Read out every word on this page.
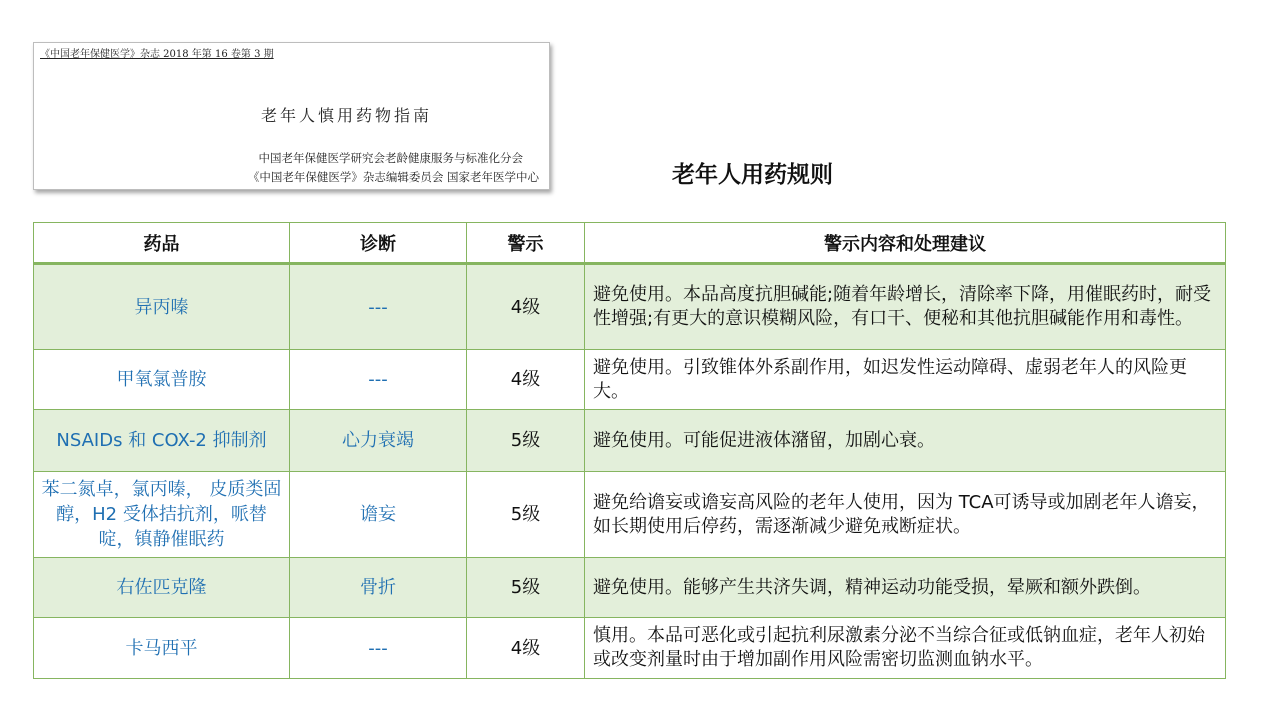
《中国老年保健医学》杂志 2018 年第 16 卷第 3 期
老年人慎用药物指南
中国老年保健医学研究会老龄健康服务与标准化分会
《中国老年保健医学》杂志编辑委员会 国家老年医学中心	老年人用药规则
药品	诊断	警示	警示内容和处理建议
异丙嗪	---	4级	避免使用。本品高度抗胆碱能;随着年龄增长，清除率下降，用催眠药时，耐受性增强;有更大的意识模糊风险，有口干、便秘和其他抗胆碱能作用和毒性。
甲氧氯普胺	---	4级	避免使用。引致锥体外系副作用，如迟发性运动障碍、虚弱老年人的风险更大。
NSAIDs 和 COX-2 抑制剂	心力衰竭	5级	避免使用。可能促进液体潴留，加剧心衰。
苯二氮卓，氯丙嗪， 皮质类固醇，H2 受体拮抗剂，哌替啶，镇静催眠药	谵妄	5级	避免给谵妄或谵妄高风险的老年人使用，因为 TCA可诱导或加剧老年人谵妄，如长期使用后停药，需逐渐减少避免戒断症状。
右佐匹克隆	骨折	5级	避免使用。能够产生共济失调，精神运动功能受损，晕厥和额外跌倒。
卡马西平	---	4级	慎用。本品可恶化或引起抗利尿激素分泌不当综合征或低钠血症，老年人初始或改变剂量时由于增加副作用风险需密切监测血钠水平。
